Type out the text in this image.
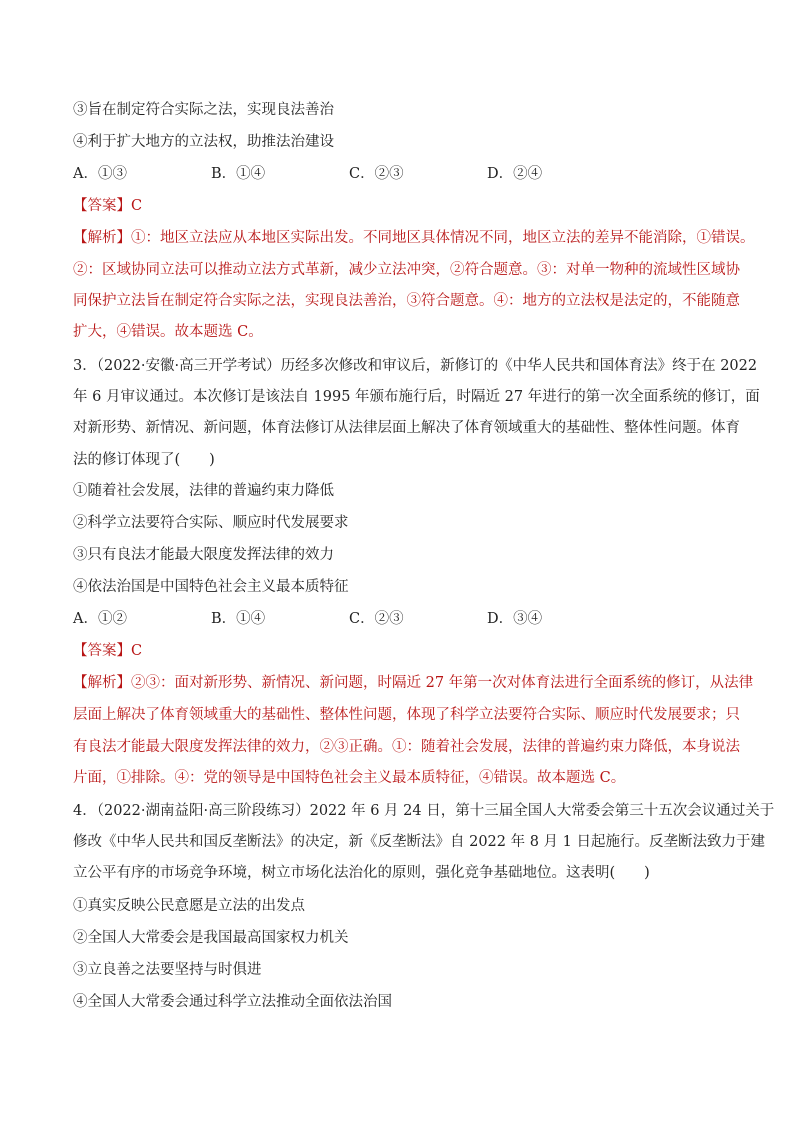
③旨在制定符合实际之法，实现良法善治
④利于扩大地方的立法权，助推法治建设
A．①③	B．①④	C．②③	D．②④
【答案】C
【解析】①：地区立法应从本地区实际出发。不同地区具体情况不同，地区立法的差异不能消除，①错误。
②：区域协同立法可以推动立法方式革新，减少立法冲突，②符合题意。③：对单一物种的流域性区域协
同保护立法旨在制定符合实际之法，实现良法善治，③符合题意。④：地方的立法权是法定的，不能随意
扩大，④错误。故本题选 C。
3．（2022·安徽·高三开学考试）历经多次修改和审议后，新修订的《中华人民共和国体育法》终于在 2022
年 6 月审议通过。本次修订是该法自 1995 年颁布施行后，时隔近 27 年进行的第一次全面系统的修订，面
对新形势、新情况、新问题，体育法修订从法律层面上解决了体育领域重大的基础性、整体性问题。体育
法的修订体现了(　　)
①随着社会发展，法律的普遍约束力降低
②科学立法要符合实际、顺应时代发展要求
③只有良法才能最大限度发挥法律的效力
④依法治国是中国特色社会主义最本质特征
A．①②	B．①④	C．②③	D．③④
【答案】C
【解析】②③：面对新形势、新情况、新问题，时隔近 27 年第一次对体育法进行全面系统的修订，从法律
层面上解决了体育领域重大的基础性、整体性问题，体现了科学立法要符合实际、顺应时代发展要求；只
有良法才能最大限度发挥法律的效力，②③正确。①：随着社会发展，法律的普遍约束力降低，本身说法
片面，①排除。④：党的领导是中国特色社会主义最本质特征，④错误。故本题选 C。
4．（2022·湖南益阳·高三阶段练习）2022 年 6 月 24 日，第十三届全国人大常委会第三十五次会议通过关于
修改《中华人民共和国反垄断法》的决定，新《反垄断法》自 2022 年 8 月 1 日起施行。反垄断法致力于建
立公平有序的市场竞争环境，树立市场化法治化的原则，强化竞争基础地位。这表明(　　)
①真实反映公民意愿是立法的出发点
②全国人大常委会是我国最高国家权力机关
③立良善之法要坚持与时俱进
④全国人大常委会通过科学立法推动全面依法治国
